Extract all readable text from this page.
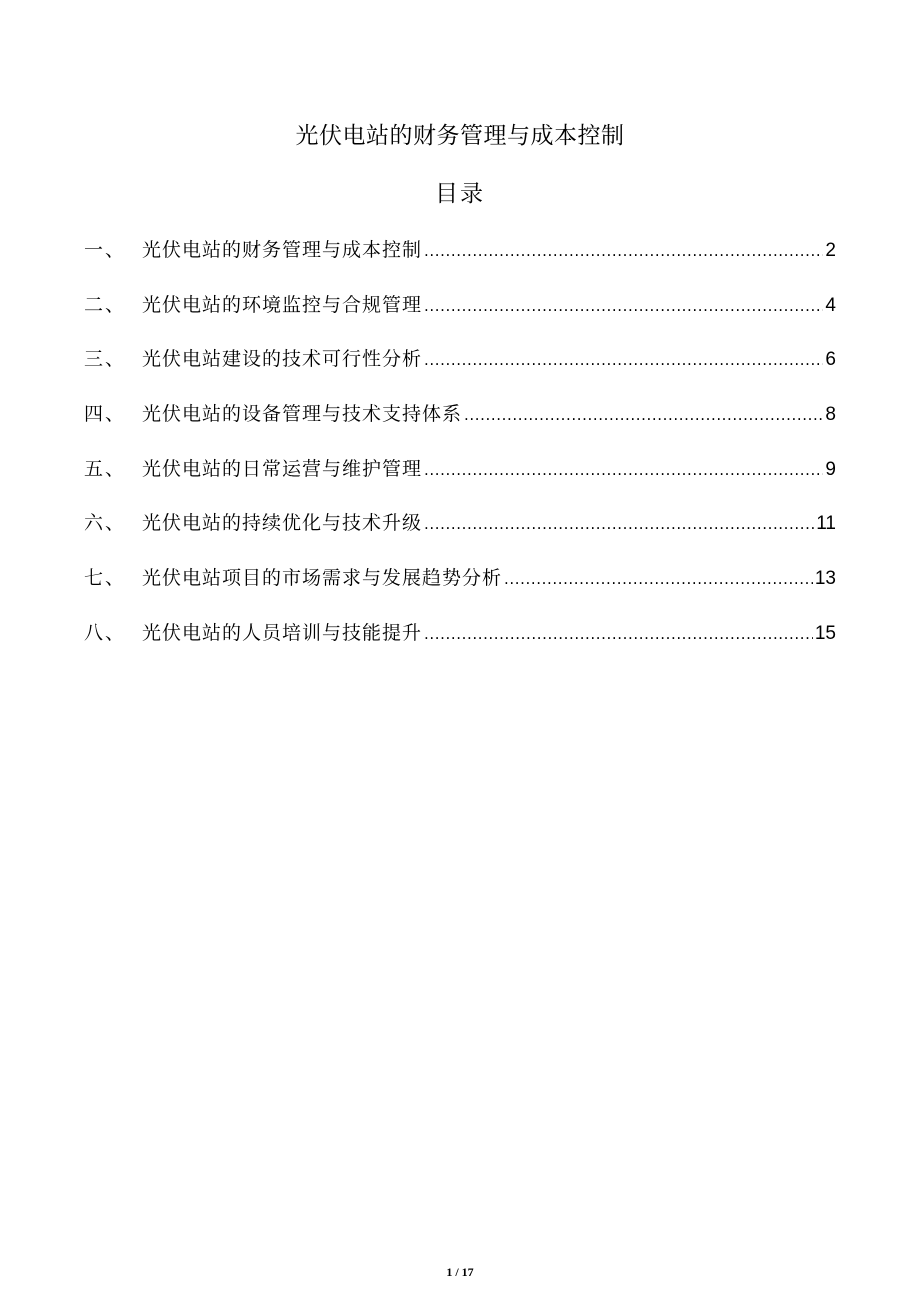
光伏电站的财务管理与成本控制
目录
一、 光伏电站的财务管理与成本控制 .....	2
二、 光伏电站的环境监控与合规管理 .....	4
三、 光伏电站建设的技术可行性分析 .....	6
四、 光伏电站的设备管理与技术支持体系 .....	8
五、 光伏电站的日常运营与维护管理 .....	9
六、 光伏电站的持续优化与技术升级 .....	11
七、 光伏电站项目的市场需求与发展趋势分析 .....	13
八、 光伏电站的人员培训与技能提升 .....	15
1 / 17
